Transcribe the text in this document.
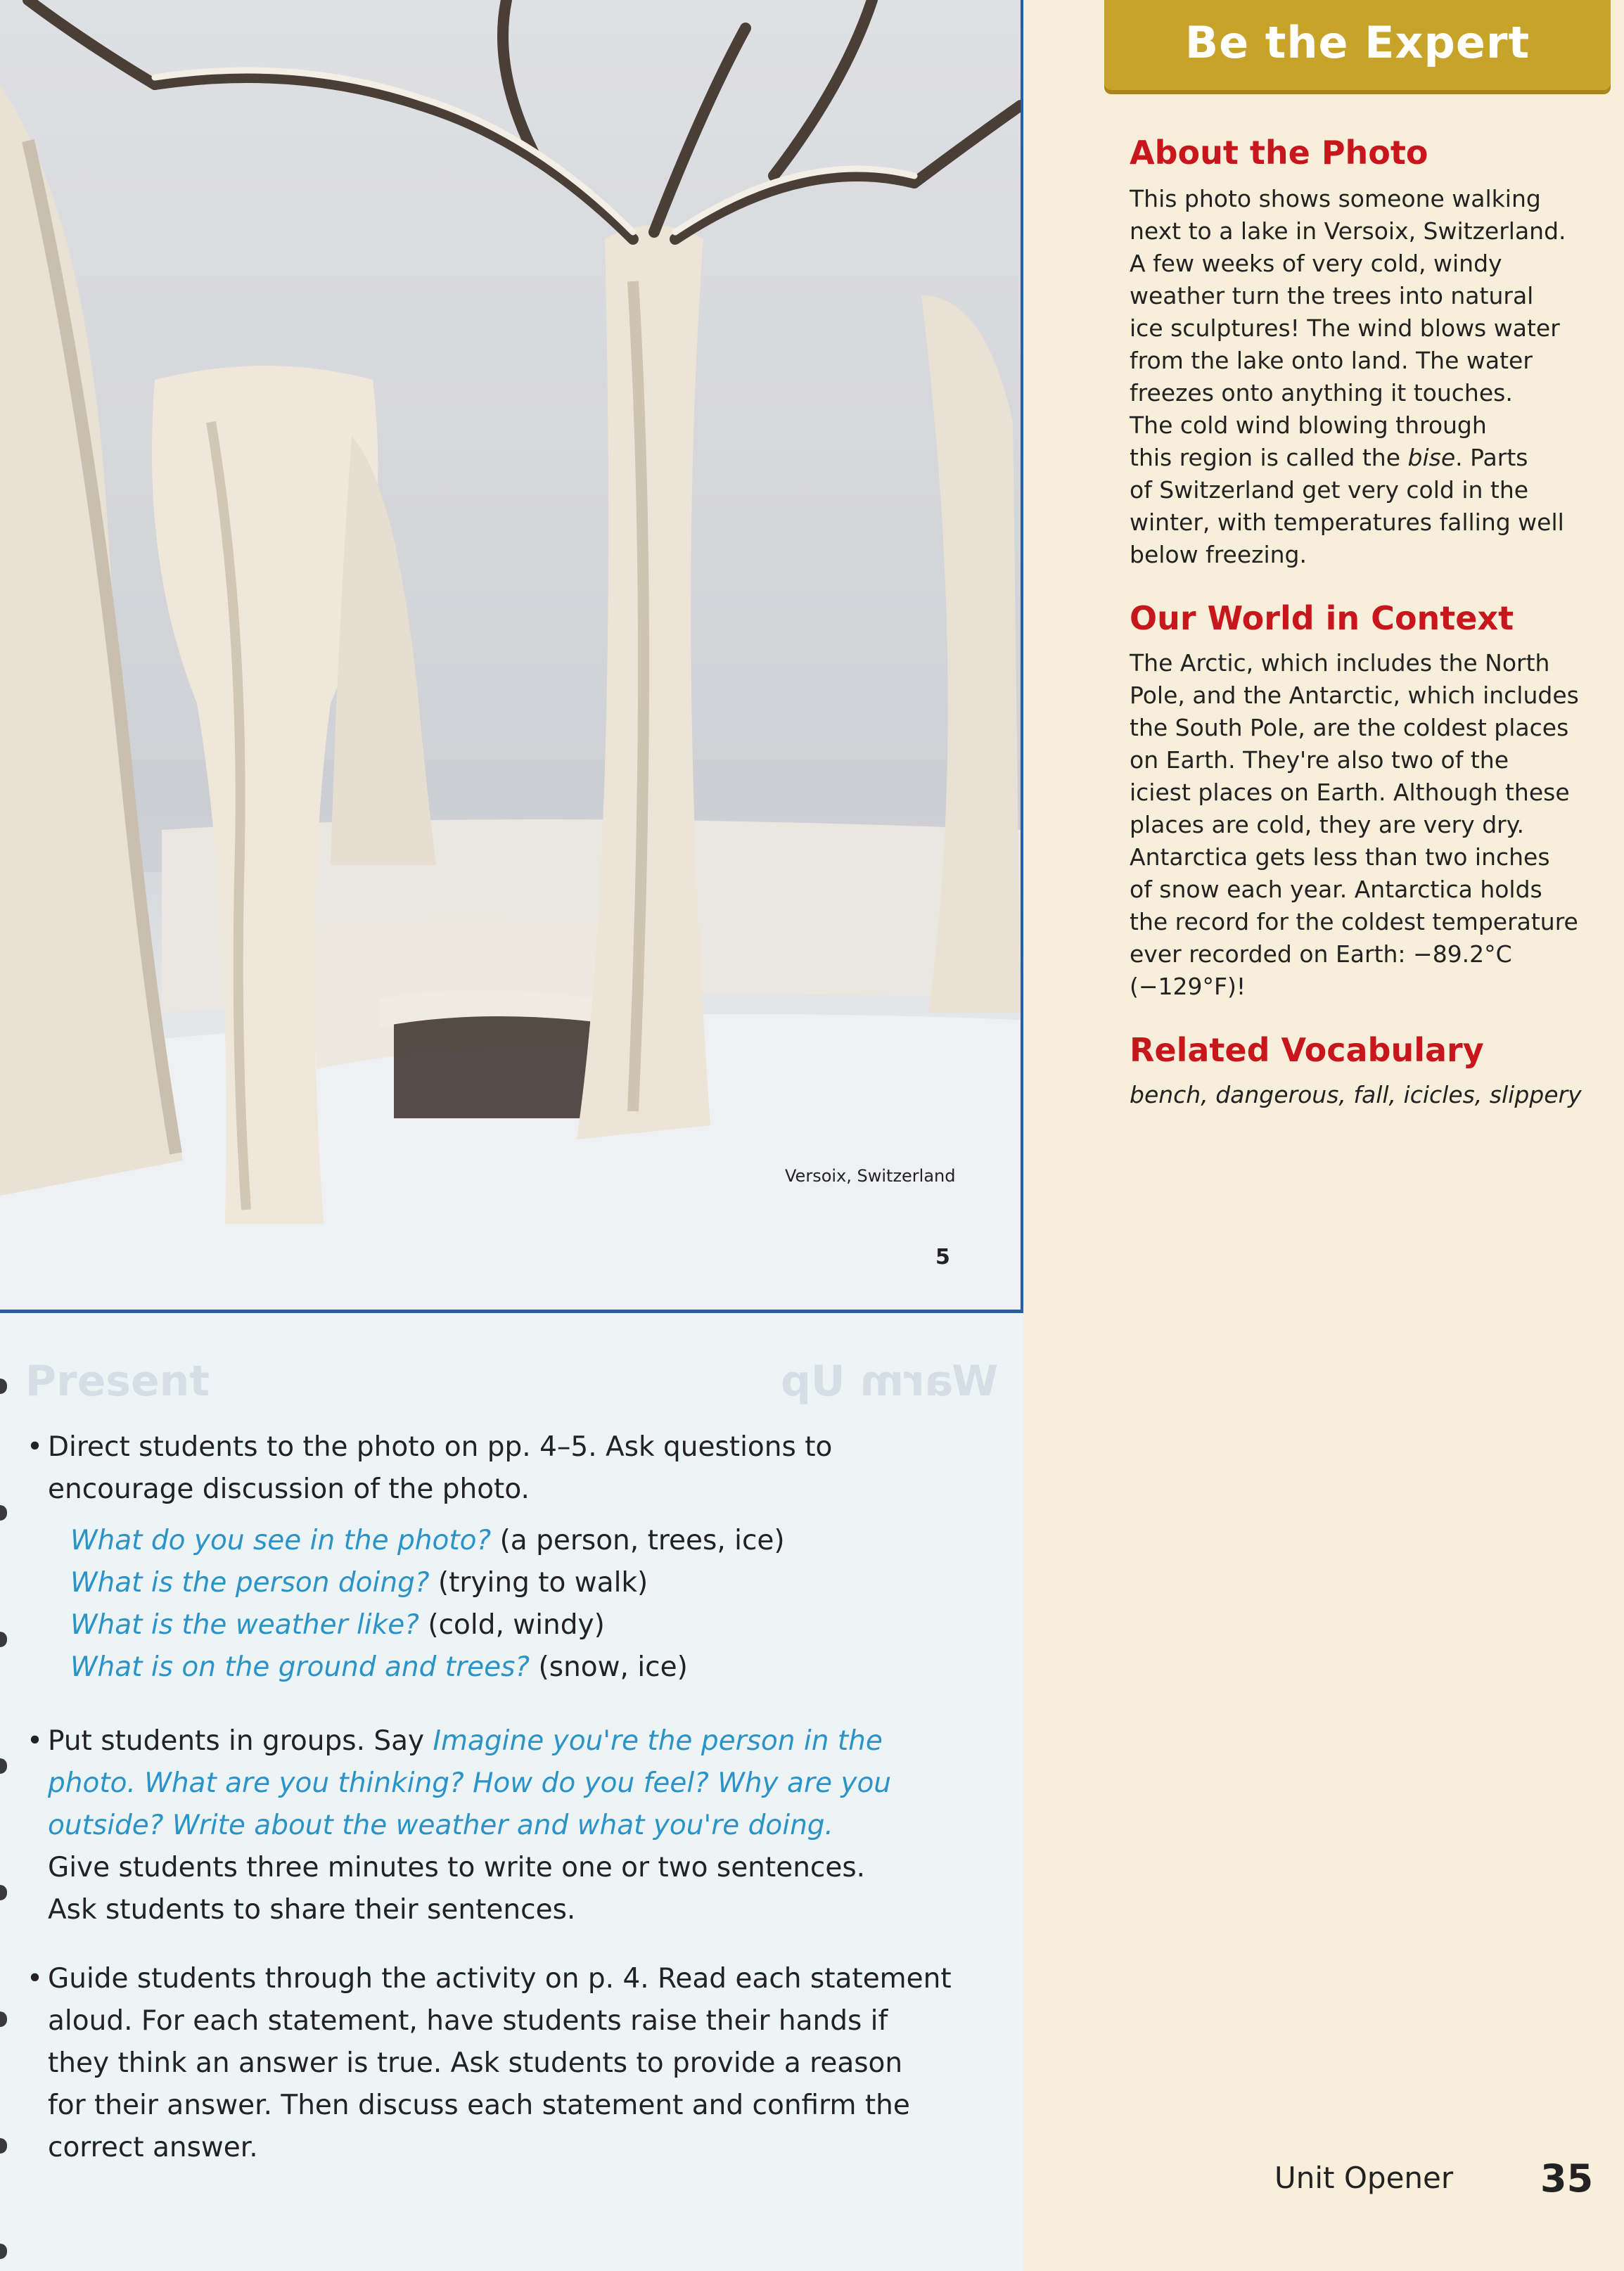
Versoix, Switzerland
5
Be the Expert
About the Photo
This photo shows someone walking
next to a lake in Versoix, Switzerland.
A few weeks of very cold, windy
weather turn the trees into natural
ice sculptures! The wind blows water
from the lake onto land. The water
freezes onto anything it touches.
The cold wind blowing through
this region is called the bise. Parts
of Switzerland get very cold in the
winter, with temperatures falling well
below freezing.
Our World in Context
The Arctic, which includes the North
Pole, and the Antarctic, which includes
the South Pole, are the coldest places
on Earth. They're also two of the
iciest places on Earth. Although these
places are cold, they are very dry.
Antarctica gets less than two inches
of snow each year. Antarctica holds
the record for the coldest temperature
ever recorded on Earth: −89.2°C
(−129°F)!
Related Vocabulary
bench, dangerous, fall, icicles, slippery
Present	Warm Up
• Direct students to the photo on pp. 4–5. Ask questions to
encourage discussion of the photo.
What do you see in the photo? (a person, trees, ice)
What is the person doing? (trying to walk)
What is the weather like? (cold, windy)
What is on the ground and trees? (snow, ice)
• Put students in groups. Say Imagine you're the person in the
photo. What are you thinking? How do you feel? Why are you
outside? Write about the weather and what you're doing.
Give students three minutes to write one or two sentences.
Ask students to share their sentences.
• Guide students through the activity on p. 4. Read each statement
aloud. For each statement, have students raise their hands if
they think an answer is true. Ask students to provide a reason
for their answer. Then discuss each statement and confirm the
correct answer.
Unit Opener 35
